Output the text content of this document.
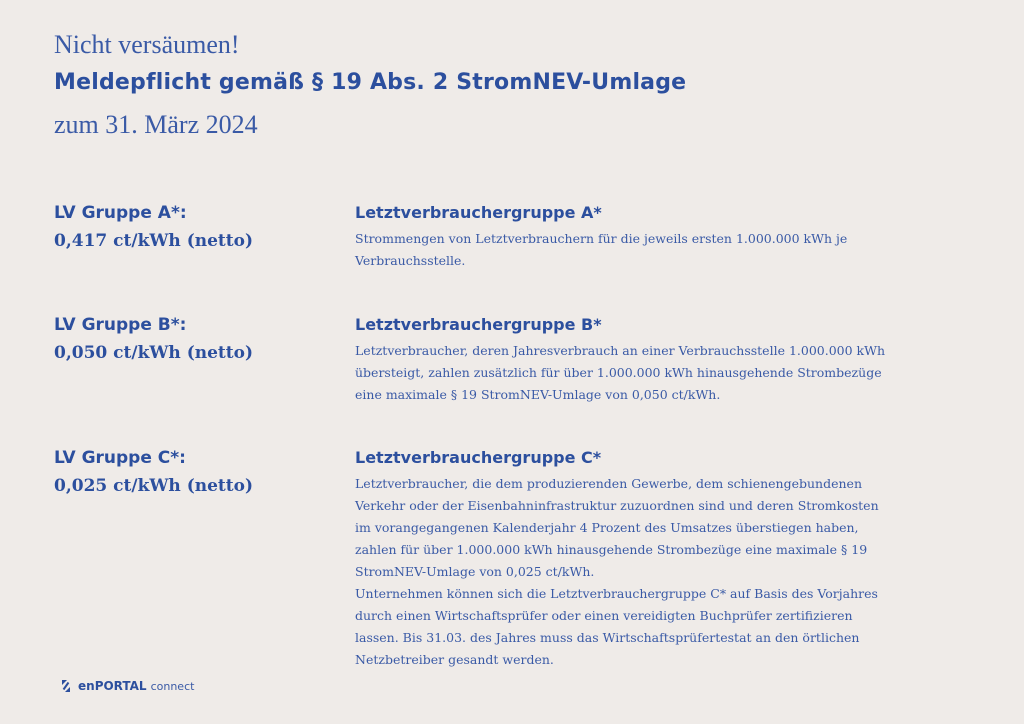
Nicht versäumen!
Meldepflicht gemäß § 19 Abs. 2 StromNEV-Umlage
zum 31. März 2024
LV Gruppe A*:
0,417 ct/kWh (netto)
Letztverbrauchergruppe A*

Strommengen von Letztverbrauchern für die jeweils ersten 1.000.000 kWh je Verbrauchsstelle.

LV Gruppe B*:
0,050 ct/kWh (netto)
Letztverbrauchergruppe B*

Letztverbraucher, deren Jahresverbrauch an einer Verbrauchsstelle 1.000.000 kWh übersteigt, zahlen zusätzlich für über 1.000.000 kWh hinausgehende Strombezüge eine maximale § 19 StromNEV-Umlage von 0,050 ct/kWh.

LV Gruppe C*:
0,025 ct/kWh (netto)
Letztverbrauchergruppe C*

Letztverbraucher, die dem produzierenden Gewerbe, dem schienengebundenen Verkehr oder der Eisenbahninfrastruktur zuzuordnen sind und deren Stromkosten im vorangegangenen Kalenderjahr 4 Prozent des Umsatzes überstiegen haben, zahlen für über 1.000.000 kWh hinausgehende Strombezüge eine maximale § 19 StromNEV-Umlage von 0,025 ct/kWh.

Unternehmen können sich die Letztverbrauchergruppe C* auf Basis des Vorjahres durch einen Wirtschaftsprüfer oder einen vereidigten Buchprüfer zertifizieren lassen. Bis 31.03. des Jahres muss das Wirtschaftsprüfertestat an den örtlichen Netzbetreiber gesandt werden.

enPORTAL connect
